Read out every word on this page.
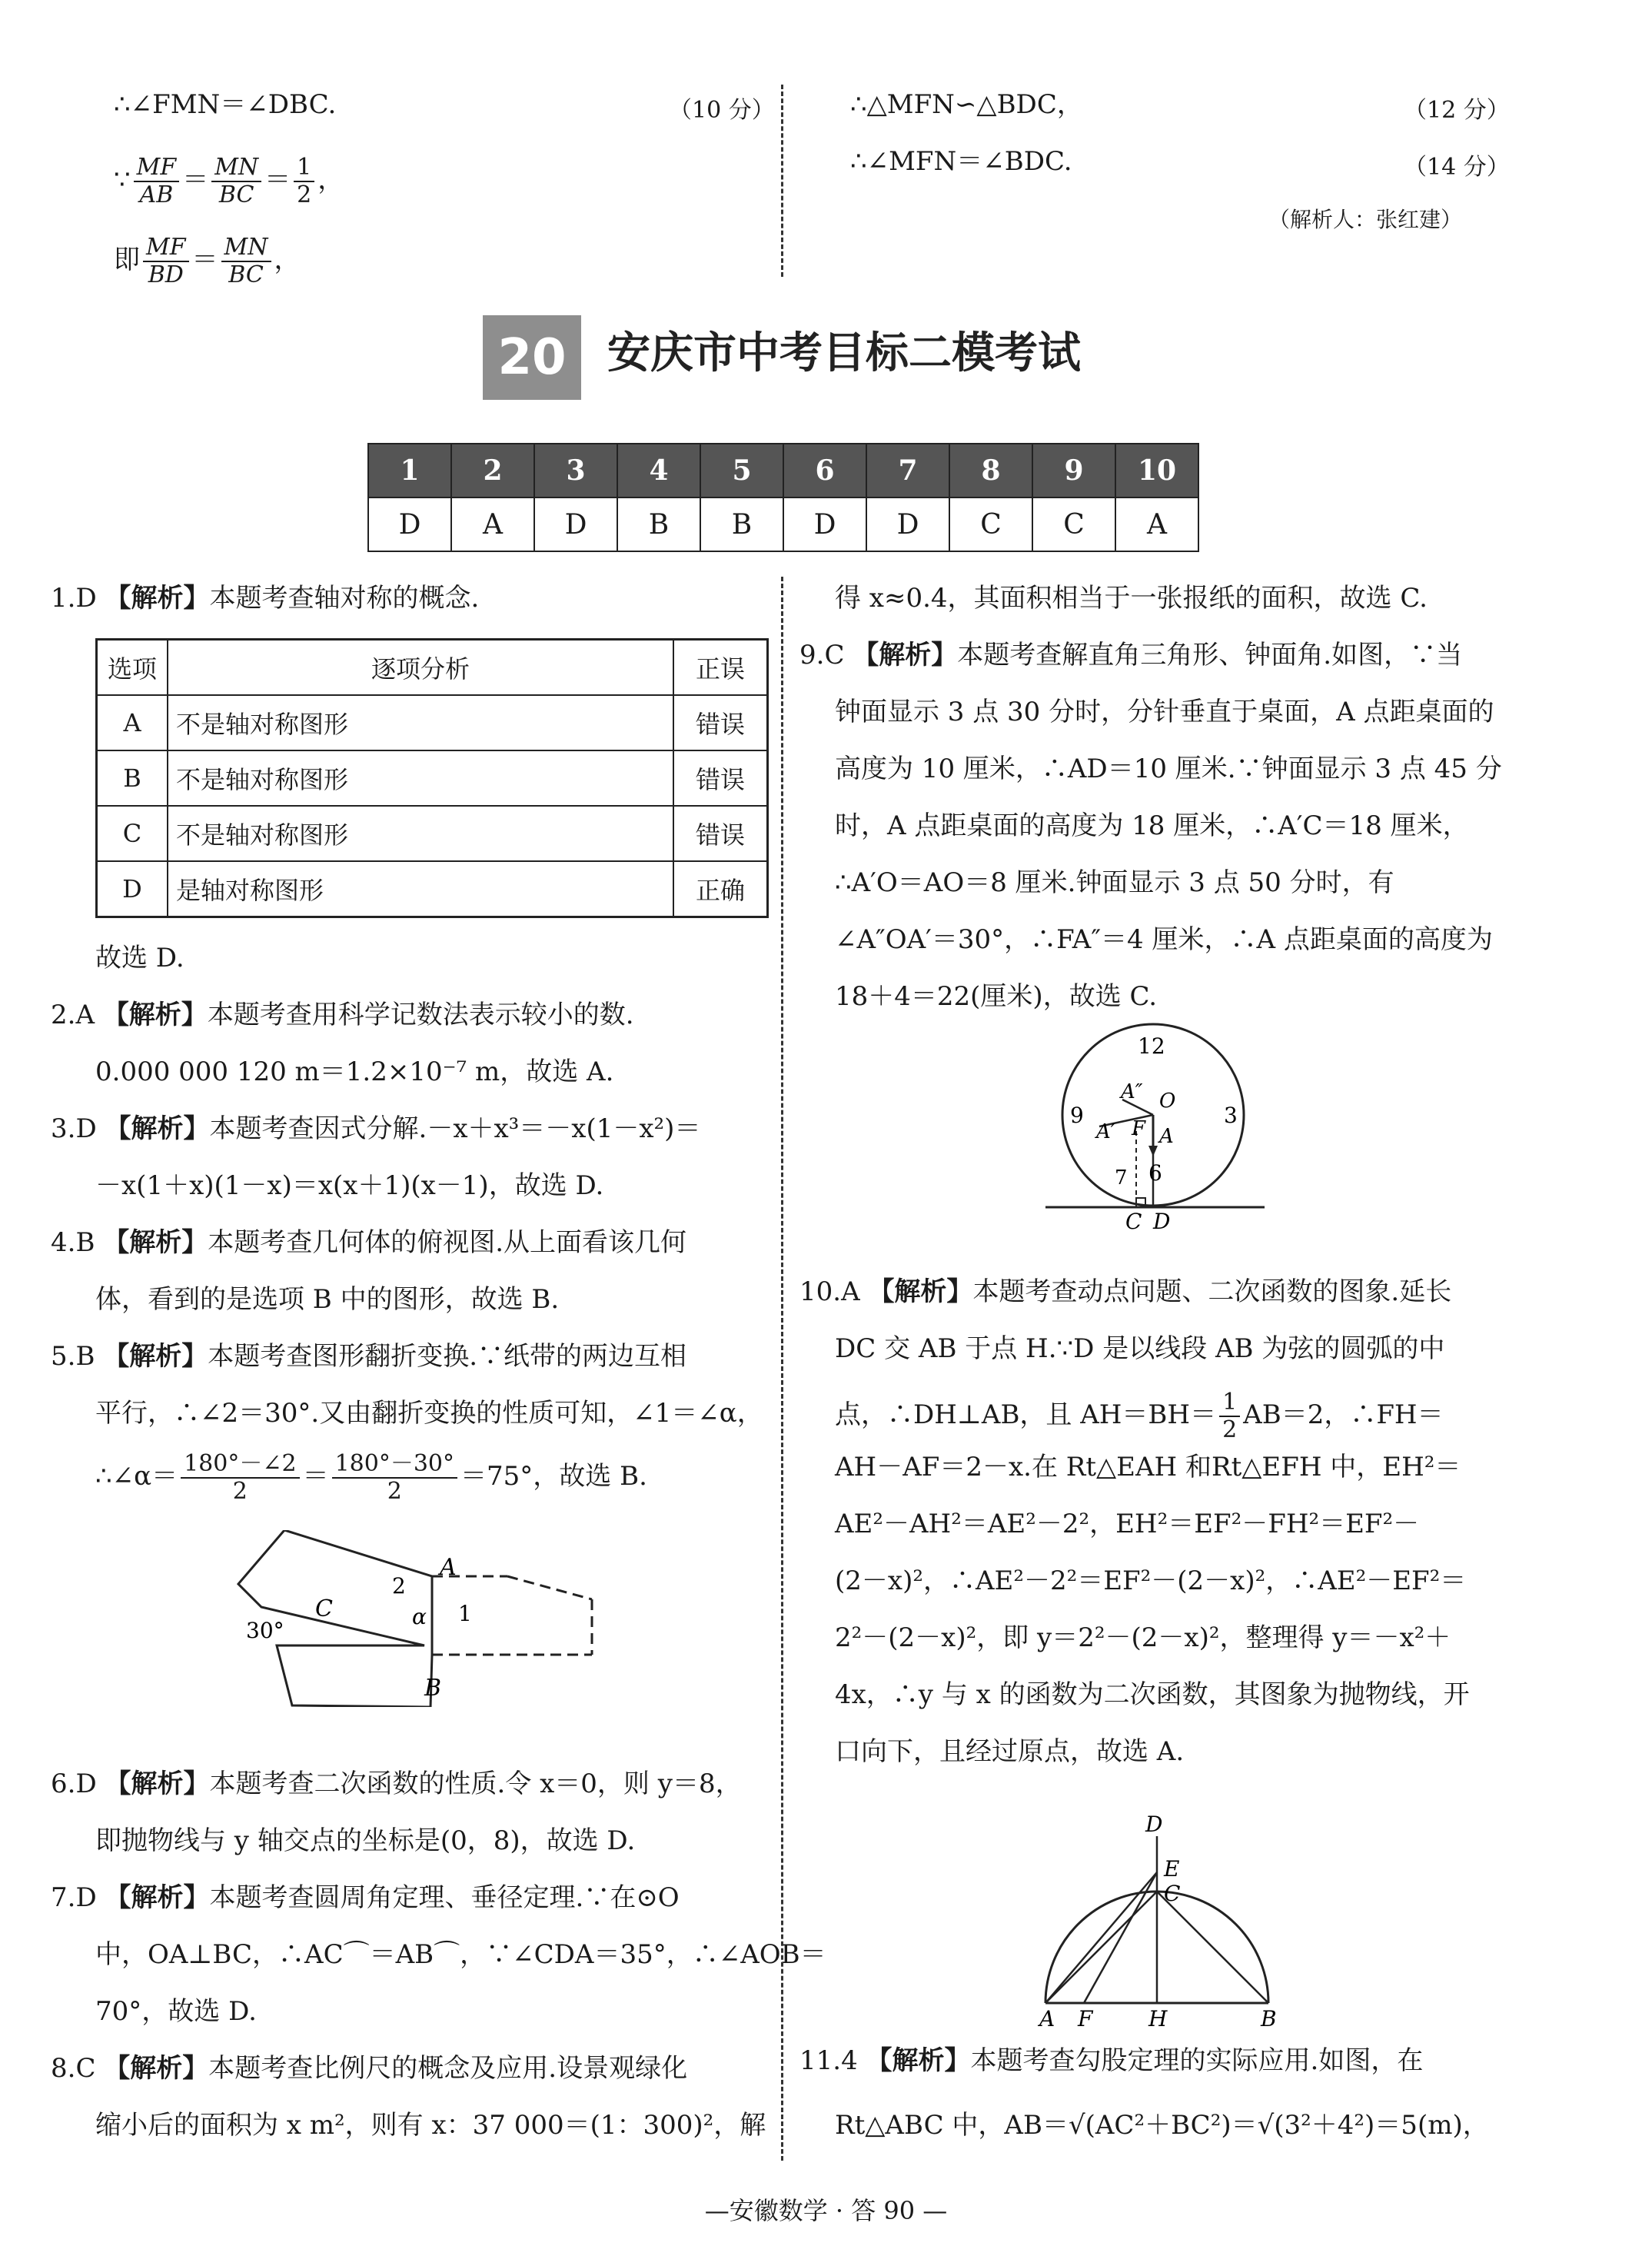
∴∠FMN＝∠DBC.	（10 分）
∵ $\frac{MF}{AB} = \frac{MN}{BC} = \frac{1}{2}$ ，
即 $\frac{MF}{BD} = \frac{MN}{BC}$ ，
∴△MFN∽△BDC，	（12 分）
∴∠MFN＝∠BDC.	（14 分）
（解析人：张红建）
20 安庆市中考目标二模考试
1	2	3	4	5	6	7	8	9	10
D	A	D	B	B	D	D	C	C	A
1.D 【解析】本题考查轴对称的概念.
选项	逐项分析	正误
A	不是轴对称图形	错误
B	不是轴对称图形	错误
C	不是轴对称图形	错误
D	是轴对称图形	正确
故选 D.
2.A 【解析】本题考查用科学记数法表示较小的数.
0.000 000 120 m＝1.2×10⁻⁷ m，故选 A.
3.D 【解析】本题考查因式分解.－x＋x³＝－x(1－x²)＝
－x(1＋x)(1－x)＝x(x＋1)(x－1)，故选 D.
4.B 【解析】本题考查几何体的俯视图.从上面看该几何
体，看到的是选项 B 中的图形，故选 B.
5.B 【解析】本题考查图形翻折变换.∵纸带的两边互相
平行，∴∠2＝30°.又由翻折变换的性质可知，∠1＝∠α，
∴∠α＝ $\frac{180^\circ-\angle 2}{2} = \frac{180^\circ-30^\circ}{2} =75^\circ$，故选 B.
A
B
C
2
1
α
30°
6.D 【解析】本题考查二次函数的性质.令 x＝0，则 y＝8，
即抛物线与 y 轴交点的坐标是(0，8)，故选 D.
7.D 【解析】本题考查圆周角定理、垂径定理.∵在⊙O
中，OA⊥BC，∴AC⌒＝AB⌒，∵∠CDA＝35°，∴∠AOB＝
70°，故选 D.
8.C 【解析】本题考查比例尺的概念及应用.设景观绿化
缩小后的面积为 x m²，则有 x：37 000＝(1：300)²，解
得 x≈0.4，其面积相当于一张报纸的面积，故选 C.
9.C 【解析】本题考查解直角三角形、钟面角.如图，∵当
钟面显示 3 点 30 分时，分针垂直于桌面，A 点距桌面的
高度为 10 厘米，∴AD＝10 厘米.∵钟面显示 3 点 45 分
时，A 点距桌面的高度为 18 厘米，∴A′C＝18 厘米，
∴A′O＝AO＝8 厘米.钟面显示 3 点 50 分时，有
∠A″OA′＝30°，∴FA″＝4 厘米，∴A 点距桌面的高度为
18＋4＝22(厘米)，故选 C.
12
9	3
6
7
A″ O
A′ F A
C D
10.A 【解析】本题考查动点问题、二次函数的图象.延长
DC 交 AB 于点 H.∵D 是以线段 AB 为弦的圆弧的中
点，∴DH⊥AB，且 $AH=BH= \frac{1}{2} AB=2$，∴FH＝
AH－AF＝2－x.在 Rt△EAH 和Rt△EFH 中，EH²＝
AE²－AH²＝AE²－2²，EH²＝EF²－FH²＝EF²－
(2－x)²，∴AE²－2²＝EF²－(2－x)²，∴AE²－EF²＝
2²－(2－x)²，即 y＝2²－(2－x)²，整理得 y＝－x²＋
4x，∴y 与 x 的函数为二次函数，其图象为抛物线，开
口向下，且经过原点，故选 A.
D
E
C
A F	H	B
11.4 【解析】本题考查勾股定理的实际应用.如图，在
Rt△ABC 中，AB＝√(AC²＋BC²)＝√(3²＋4²)＝5(m)，
—安徽数学 · 答 90 —
